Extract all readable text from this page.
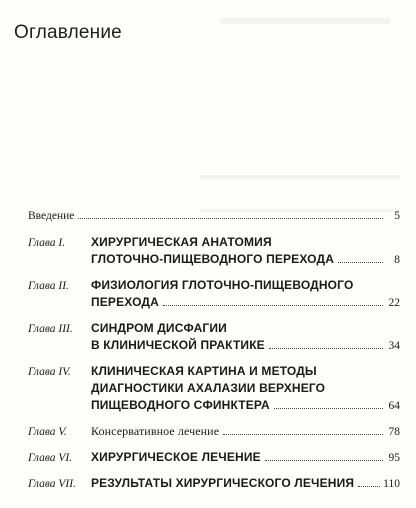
Оглавление
Введение	5
Глава I.	ХИРУРГИЧЕСКАЯ АНАТОМИЯ
ГЛОТОЧНО-ПИЩЕВОДНОГО ПЕРЕХОДА	8
Глава II.	ФИЗИОЛОГИЯ ГЛОТОЧНО-ПИЩЕВОДНОГО
ПЕРЕХОДА	22
Глава III.	СИНДРОМ ДИСФАГИИ
В КЛИНИЧЕСКОЙ ПРАКТИКЕ	34
Глава IV.	КЛИНИЧЕСКАЯ КАРТИНА И МЕТОДЫ
ДИАГНОСТИКИ АХАЛАЗИИ ВЕРХНЕГО
ПИЩЕВОДНОГО СФИНКТЕРА	64
Глава V.	Консервативное лечение	78
Глава VI.	ХИРУРГИЧЕСКОЕ ЛЕЧЕНИЕ	95
Глава VII.	РЕЗУЛЬТАТЫ ХИРУРГИЧЕСКОГО ЛЕЧЕНИЯ	110
